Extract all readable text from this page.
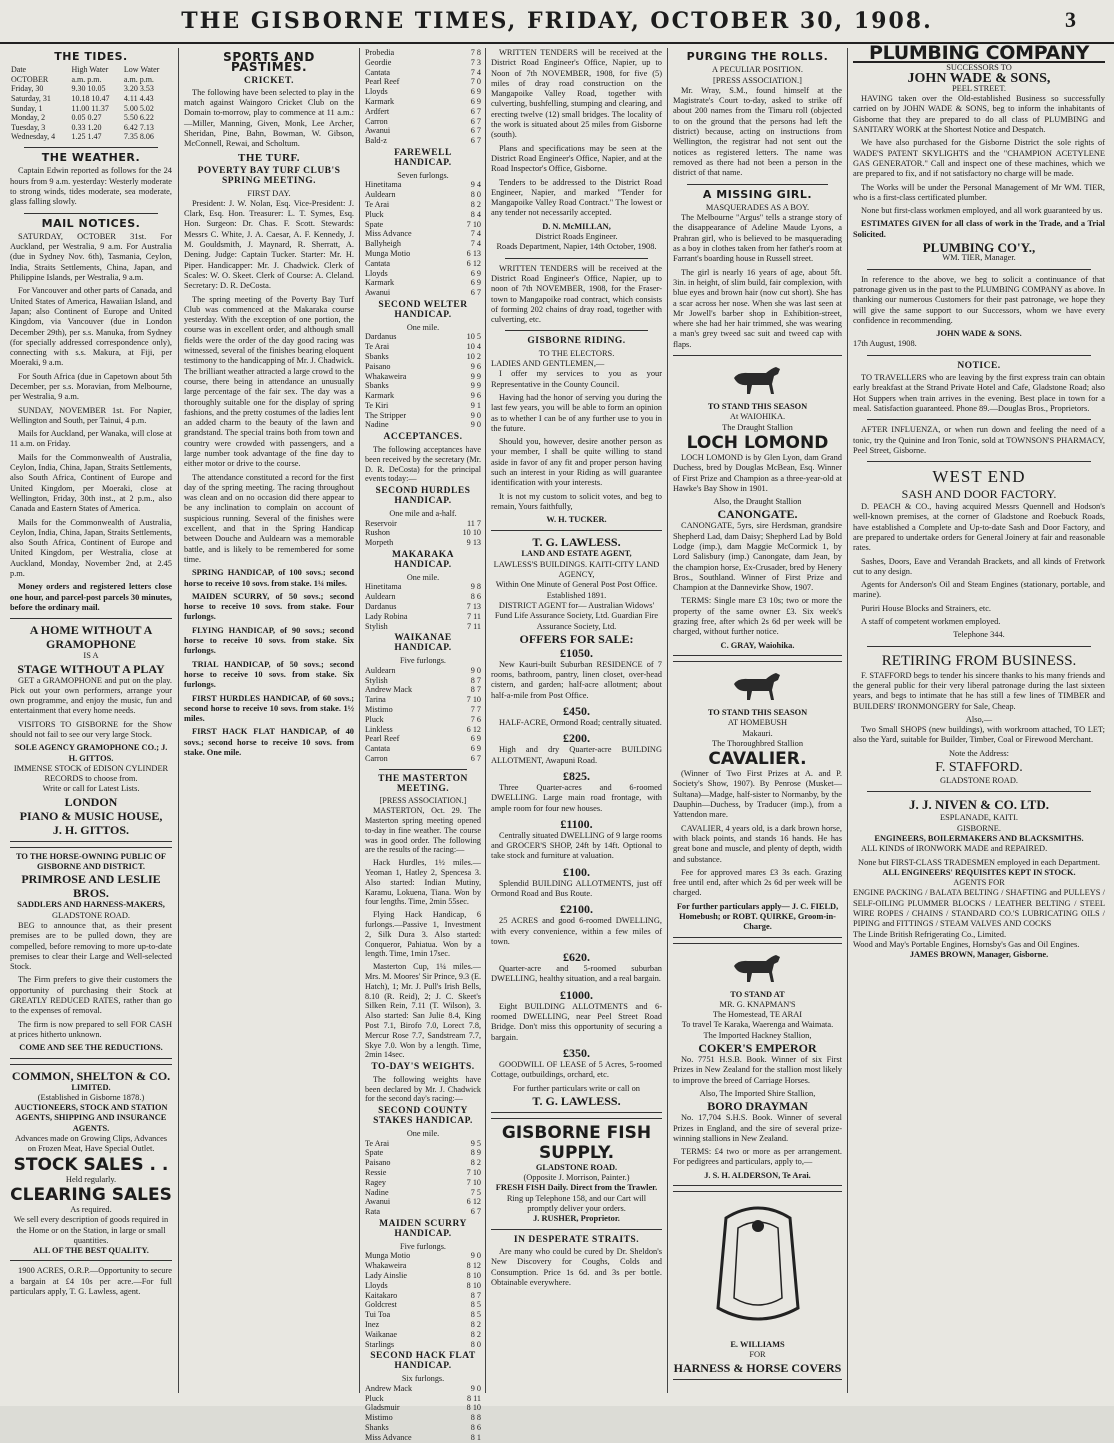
THE GISBORNE TIMES, FRIDAY, OCTOBER 30, 1908.	3
THE TIDES.
Date	High Water	Low Water
OCTOBER	a.m. p.m.	a.m. p.m.
Friday, 30	9.30 10.05	3.20 3.53
Saturday, 31	10.18 10.47	4.11 4.43
Sunday, 1	11.00 11.37	5.00 5.02
Monday, 2	0.05 0.27	5.50 6.22
Tuesday, 3	0.33 1.20	6.42 7.13
Wednesday, 4	1.25 1.47	7.35 8.06
THE WEATHER.

Captain Edwin reported as follows for the 24 hours from 9 a.m. yesterday: Westerly moderate to strong winds, tides moderate, sea moderate, glass falling slowly.

MAIL NOTICES.

SATURDAY, OCTOBER 31st. For Auckland, per Westralia, 9 a.m. For Australia (due in Sydney Nov. 6th), Tasmania, Ceylon, India, Straits Settlements, China, Japan, and Philippine Islands, per Westralia, 9 a.m.

For Vancouver and other parts of Canada, and United States of America, Hawaiian Island, and Japan; also Continent of Europe and United Kingdom, via Vancouver (due in London December 29th), per s.s. Manuka, from Sydney (for specially addressed correspondence only), connecting with s.s. Makura, at Fiji, per Moeraki, 9 a.m.

For South Africa (due in Capetown about 5th December, per s.s. Moravian, from Melbourne, per Westralia, 9 a.m.

SUNDAY, NOVEMBER 1st. For Napier, Wellington and South, per Tainui, 4 p.m.

Mails for Auckland, per Wanaka, will close at 11 a.m. on Friday.

Mails for the Commonwealth of Australia, Ceylon, India, China, Japan, Straits Settlements, also South Africa, Continent of Europe and United Kingdom, per Moeraki, close at Wellington, Friday, 30th inst., at 2 p.m., also Canada and Eastern States of America.

Mails for the Commonwealth of Australia, Ceylon, India, China, Japan, Straits Settlements, also South Africa, Continent of Europe and United Kingdom, per Westralia, close at Auckland, Monday, November 2nd, at 2.45 p.m.

Money orders and registered letters close one hour, and parcel-post parcels 30 minutes, before the ordinary mail.

A HOME WITHOUT A
GRAMOPHONE
IS A
STAGE WITHOUT A PLAY

GET a GRAMOPHONE and put on the play. Pick out your own performers, arrange your own programme, and enjoy the music, fun and entertainment that every home needs.

VISITORS TO GISBORNE for the Show should not fail to see our very large Stock.

SOLE AGENCY GRAMOPHONE CO.; J. H. GITTOS.
IMMENSE STOCK of EDISON CYLINDER RECORDS to choose from.
Write or call for Latest Lists.
LONDON
PIANO & MUSIC HOUSE,
J. H. GITTOS.
TO THE HORSE-OWNING PUBLIC OF GISBORNE AND DISTRICT.
PRIMROSE AND LESLIE BROS.
SADDLERS AND HARNESS-MAKERS,
GLADSTONE ROAD.

BEG to announce that, as their present premises are to be pulled down, they are compelled, before removing to more up-to-date premises to clear their Large and Well-selected Stock.

The Firm prefers to give their customers the opportunity of purchasing their Stock at GREATLY REDUCED RATES, rather than go to the expenses of removal.

The firm is now prepared to sell FOR CASH at prices hitherto unknown.

COME AND SEE THE REDUCTIONS.
COMMON, SHELTON & CO.
LIMITED.
(Established in Gisborne 1878.)
AUCTIONEERS, STOCK AND STATION AGENTS, SHIPPING AND INSURANCE AGENTS.
Advances made on Growing Clips, Advances on Frozen Meat, Have Special Outlet.
STOCK SALES . .
Held regularly.
CLEARING SALES
As required.
We sell every description of goods required in the Home or on the Station, in large or small quantities.
ALL OF THE BEST QUALITY.

1900 ACRES, O.R.P.—Opportunity to secure a bargain at £4 10s per acre.—For full particulars apply, T. G. Lawless, agent.

SPORTS AND PASTIMES.
CRICKET.

The following have been selected to play in the match against Waingoro Cricket Club on the Domain to-morrow, play to commence at 11 a.m.:—Miller, Manning, Given, Monk, Lee Archer, Sheridan, Pine, Bahn, Bowman, W. Gibson, McConnell, Rewai, and Scholtum.

THE TURF.
POVERTY BAY TURF CLUB'S SPRING MEETING.
FIRST DAY.

President: J. W. Nolan, Esq. Vice-President: J. Clark, Esq. Hon. Treasurer: L. T. Symes, Esq. Hon. Surgeon: Dr. Chas. F. Scott. Stewards: Messrs C. White, J. A. Caesar, A. F. Kennedy, J. M. Gouldsmith, J. Maynard, R. Sherratt, A. Dening. Judge: Captain Tucker. Starter: Mr. H. Piper. Handicapper: Mr. J. Chadwick. Clerk of Scales: W. O. Skeet. Clerk of Course: A. Cleland. Secretary: D. R. DeCosta.

The spring meeting of the Poverty Bay Turf Club was commenced at the Makaraka course yesterday. With the exception of one portion, the course was in excellent order, and although small fields were the order of the day good racing was witnessed, several of the finishes bearing eloquent testimony to the handicapping of Mr. J. Chadwick. The brilliant weather attracted a large crowd to the course, there being in attendance an unusually large percentage of the fair sex. The day was a thoroughly suitable one for the display of spring fashions, and the pretty costumes of the ladies lent an added charm to the beauty of the lawn and grandstand. The special trains both from town and country were crowded with passengers, and a large number took advantage of the fine day to either motor or drive to the course.

The attendance constituted a record for the first day of the spring meeting. The racing throughout was clean and on no occasion did there appear to be any inclination to complain on account of suspicious running. Several of the finishes were excellent, and that in the Spring Handicap between Douche and Auldearn was a memorable battle, and is likely to be remembered for some time.

SPRING HANDICAP, of 100 sovs.; second horse to receive 10 sovs. from stake. 1¼ miles.

MAIDEN SCURRY, of 50 sovs.; second horse to receive 10 sovs. from stake. Four furlongs.

FLYING HANDICAP, of 90 sovs.; second horse to receive 10 sovs. from stake. Six furlongs.

TRIAL HANDICAP, of 50 sovs.; second horse to receive 10 sovs. from stake. Six furlongs.

FIRST HURDLES HANDICAP, of 60 sovs.; second horse to receive 10 sovs. from stake. 1½ miles.

FIRST HACK FLAT HANDICAP, of 40 sovs.; second horse to receive 10 sovs. from stake. One mile.

Probedia	7 8
Geordie	7 3
Cantata	7 4
Pearl Reef	7 0
Lloyds	6 9
Karmark	6 9
Ardfert	6 7
Carron	6 7
Awanui	6 7
Bald-z	6 7
FAREWELL HANDICAP.
Seven furlongs.
Hinetitama	9 4
Auldearn	8 0
Te Arai	8 2
Pluck	8 4
Spate	7 10
Miss Advance	7 4
Ballyheigh	7 4
Munga Motio	6 13
Cantata	6 12
Lloyds	6 9
Karmark	6 9
Awanui	6 7
SECOND WELTER HANDICAP.
One mile.
Dardanus	10 5
Te Arai	10 4
Sbanks	10 2
Paisano	9 6
Whakaweira	9 9
Sbanks	9 9
Karmark	9 6
Te Kiri	9 1
The Stripper	9 0
Nadine	9 0
ACCEPTANCES.

The following acceptances have been received by the secretary (Mr. D. R. DeCosta) for the principal events today:—

SECOND HURDLES HANDICAP.
One mile and a-half.
Reservoir	11 7
Rushon	10 10
Morpeth	9 13
MAKARAKA HANDICAP.
One mile.
Hinetitama	9 8
Auldearn	8 6
Dardanus	7 13
Lady Robina	7 11
Stylish	7 11
WAIKANAE HANDICAP.
Five furlongs.
Auldearn	9 0
Stylish	8 7
Andrew Mack	8 7
Tarina	7 10
Mistimo	7 7
Pluck	7 6
Linkless	6 12
Pearl Reef	6 9
Cantata	6 9
Carron	6 7
THE MASTERTON MEETING.
[PRESS ASSOCIATION.]

MASTERTON, Oct. 29. The Masterton spring meeting opened to-day in fine weather. The course was in good order. The following are the results of the racing:—

Hack Hurdles, 1½ miles.—Yeoman 1, Hatley 2, Spencesa 3. Also started: Indian Mutiny, Karamu, Lokuena, Tiana. Won by four lengths. Time, 2min 55sec.

Flying Hack Handicap, 6 furlongs.—Passive 1, Investment 2, Silk Dura 3. Also started: Conqueror, Pahiatua. Won by a length. Time, 1min 17sec.

Masterton Cup, 1¼ miles.—Mrs. M. Moores' Sir Prince, 9.3 (E. Hatch), 1; Mr. J. Pull's Irish Bells, 8.10 (R. Reid), 2; J. C. Skeet's Silken Rein, 7.11 (T. Wilson), 3. Also started: San Julie 8.4, King Post 7.1, Birofo 7.0, Lorect 7.8, Mercur Rose 7.7, Sandstream 7.7, Skye 7.0. Won by a length. Time, 2min 14sec.

TO-DAY'S WEIGHTS.

The following weights have been declared by Mr. J. Chadwick for the second day's racing:—

SECOND COUNTY STAKES HANDICAP.
One mile.
Te Arai	9 5
Spate	8 9
Paisano	8 2
Ressie	7 10
Ragey	7 10
Nadine	7 5
Awanui	6 12
Rata	6 7
MAIDEN SCURRY HANDICAP.
Five furlongs.
Munga Motio	9 0
Whakaweira	8 12
Lady Ainslie	8 10
Lloyds	8 10
Kaitakaro	8 7
Goldcrest	8 5
Tui Toa	8 5
Inez	8 2
Waikanae	8 2
Starlings	8 0
SECOND HACK FLAT HANDICAP.
Six furlongs.
Andrew Mack	9 0
Pluck	8 11
Gladsmuir	8 10
Mistimo	8 8
Shanks	8 6
Miss Advance	8 1

WRITTEN TENDERS will be received at the District Road Engineer's Office, Napier, up to Noon of 7th NOVEMBER, 1908, for five (5) miles of dray road construction on the Mangapoike Valley Road, together with culverting, bushfelling, stumping and clearing, and erecting twelve (12) small bridges. The locality of the work is situated about 25 miles from Gisborne (south).

Plans and specifications may be seen at the District Road Engineer's Office, Napier, and at the Road Inspector's Office, Gisborne.

Tenders to be addressed to the District Road Engineer, Napier, and marked "Tender for Mangapoike Valley Road Contract." The lowest or any tender not necessarily accepted.

D. N. McMILLAN,
District Roads Engineer.
Roads Department, Napier, 14th October, 1908.

WRITTEN TENDERS will be received at the District Road Engineer's Office, Napier, up to noon of 7th NOVEMBER, 1908, for the Fraser-town to Mangapoike road contract, which consists of forming 202 chains of dray road, together with culverting, etc.

GISBORNE RIDING.
TO THE ELECTORS.
LADIES AND GENTLEMEN,—

I offer my services to you as your Representative in the County Council.

Having had the honor of serving you during the last few years, you will be able to form an opinion as to whether I can be of any further use to you in the future.

Should you, however, desire another person as your member, I shall be quite willing to stand aside in favor of any fit and proper person having such an interest in your Riding as will guarantee identification with your interests.

It is not my custom to solicit votes, and beg to remain, Yours faithfully,

W. H. TUCKER.
T. G. LAWLESS.
LAND AND ESTATE AGENT,
LAWLESS'S BUILDINGS. KAITI-CITY LAND AGENCY,
Within One Minute of General Post Post Office. Established 1891.
DISTRICT AGENT for— Australian Widows' Fund Life Assurance Society, Ltd. Guardian Fire Assurance Society, Ltd.
OFFERS FOR SALE:
£1050.

New Kauri-built Suburban RESIDENCE of 7 rooms, bathroom, pantry, linen closet, over-head cistern, and garden; half-acre allotment; about half-a-mile from Post Office.

£450.

HALF-ACRE, Ormond Road; centrally situated.

£200.

High and dry Quarter-acre BUILDING ALLOTMENT, Awapuni Road.

£825.

Three Quarter-acres and 6-roomed DWELLING. Large main road frontage, with ample room for four new houses.

£1100.

Centrally situated DWELLING of 9 large rooms and GROCER'S SHOP, 24ft by 14ft. Optional to take stock and furniture at valuation.

£100.

Splendid BUILDING ALLOTMENTS, just off Ormond Road and Bus Route.

£2100.

25 ACRES and good 6-roomed DWELLING, with every convenience, within a few miles of town.

£620.

Quarter-acre and 5-roomed suburban DWELLING, healthy situation, and a real bargain.

£1000.

Eight BUILDING ALLOTMENTS and 6-roomed DWELLING, near Peel Street Road Bridge. Don't miss this opportunity of securing a bargain.

£350.

GOODWILL OF LEASE of 5 Acres, 5-roomed Cottage, outbuildings, orchard, etc.

For further particulars write or call on
T. G. LAWLESS.
GISBORNE FISH SUPPLY.
GLADSTONE ROAD.
(Opposite J. Morrison, Painter.)
FRESH FISH Daily. Direct from the Trawler.
Ring up Telephone 158, and our Cart will promptly deliver your orders.
J. RUSHER, Proprietor.
IN DESPERATE STRAITS.

Are many who could be cured by Dr. Sheldon's New Discovery for Coughs, Colds and Consumption. Price 1s 6d. and 3s per bottle. Obtainable everywhere.

PURGING THE ROLLS.
A PECULIAR POSITION.
[PRESS ASSOCIATION.]

Mr. Wray, S.M., found himself at the Magistrate's Court to-day, asked to strike off about 200 names from the Timaru roll (objected to on the ground that the persons had left the district) because, acting on instructions from Wellington, the registrar had not sent out the notices as registered letters. The name was removed as there had not been a person in the district of that name.

A MISSING GIRL.
MASQUERADES AS A BOY.

The Melbourne "Argus" tells a strange story of the disappearance of Adeline Maude Lyons, a Prahran girl, who is believed to be masquerading as a boy in clothes taken from her father's room at Farrant's boarding house in Russell street.

The girl is nearly 16 years of age, about 5ft. 3in. in height, of slim build, fair complexion, with blue eyes and brown hair (now cut short). She has a scar across her nose. When she was last seen at Mr Jowell's barber shop in Exhibition-street, where she had her hair trimmed, she was wearing a man's grey tweed sac suit and tweed cap with flaps.

TO STAND THIS SEASON
At WAIOHIKA.
The Draught Stallion
LOCH LOMOND

LOCH LOMOND is by Glen Lyon, dam Grand Duchess, bred by Douglas McBean, Esq. Winner of First Prize and Champion as a three-year-old at Hawke's Bay Show in 1901.

Also, the Draught Stallion
CANONGATE.

CANONGATE, 5yrs, sire Herdsman, grandsire Shepherd Lad, dam Daisy; Shepherd Lad by Bold Lodge (imp.), dam Maggie McCormick 1, by Lord Salisbury (imp.) Canongate, dam Jean, by the champion horse, Ex-Crusader, bred by Henery Bros., Southland. Winner of First Prize and Champion at the Dannevirke Show, 1907.

TERMS: Single mare £3 10s; two or more the property of the same owner £3. Six week's grazing free, after which 2s 6d per week will be charged, without further notice.

C. GRAY, Waiohika.
TO STAND THIS SEASON
AT HOMEBUSH
Makauri.
The Thoroughbred Stallion
CAVALIER.

(Winner of Two First Prizes at A. and P. Society's Show, 1907). By Penrose (Musket—Sultana)—Madge, half-sister to Normanby, by the Dauphin—Duchess, by Traducer (imp.), from a Yattendon mare.

CAVALIER, 4 years old, is a dark brown horse, with black points, and stands 16 hands. He has great bone and muscle, and plenty of depth, width and substance.

Fee for approved mares £3 3s each. Grazing free until end, after which 2s 6d per week will be charged.

For further particulars apply— J. C. FIELD, Homebush; or ROBT. QUIRKE, Groom-in-Charge.
TO STAND AT
MR. G. KNAPMAN'S
The Homestead, TE ARAI
To travel Te Karaka, Waerenga and Waimata.
The Imported Hackney Stallion,
COKER'S EMPEROR

No. 7751 H.S.B. Book. Winner of six First Prizes in New Zealand for the stallion most likely to improve the breed of Carriage Horses.

Also, The Imported Shire Stallion,
BORO DRAYMAN

No. 17,704 S.H.S. Book. Winner of several Prizes in England, and the sire of several prize-winning stallions in New Zealand.

TERMS: £4 two or more as per arrangement. For pedigrees and particulars, apply to,—

J. S. H. ALDERSON, Te Arai.
E. WILLIAMS
FOR
HARNESS & HORSE COVERS
PLUMBING COMPANY
SUCCESSORS TO
JOHN WADE & SONS,
PEEL STREET.

HAVING taken over the Old-established Business so successfully carried on by JOHN WADE & SONS, beg to inform the inhabitants of Gisborne that they are prepared to do all class of PLUMBING and SANITARY WORK at the Shortest Notice and Despatch.

We have also purchased for the Gisborne District the sole rights of WADE'S PATENT SKYLIGHTS and the "CHAMPION ACETYLENE GAS GENERATOR." Call and inspect one of these machines, which we are prepared to fix, and if not satisfactory no charge will be made.

The Works will be under the Personal Management of Mr WM. TIER, who is a first-class certificated plumber.

None but first-class workmen employed, and all work guaranteed by us.

ESTIMATES GIVEN for all class of work in the Trade, and a Trial Solicited.

PLUMBING CO'Y.,
WM. TIER, Manager.

In reference to the above, we beg to solicit a continuance of that patronage given us in the past to the PLUMBING COMPANY as above. In thanking our numerous Customers for their past patronage, we hope they will give the same support to our Successors, whom we have every confidence in recommending.

JOHN WADE & SONS.
17th August, 1908.
NOTICE.

TO TRAVELLERS who are leaving by the first express train can obtain early breakfast at the Strand Private Hotel and Cafe, Gladstone Road; also Hot Suppers when train arrives in the evening. Best place in town for a meal. Satisfaction guaranteed. Phone 89.—Douglas Bros., Proprietors.

AFTER INFLUENZA, or when run down and feeling the need of a tonic, try the Quinine and Iron Tonic, sold at TOWNSON'S PHARMACY, Peel Street, Gisborne.

WEST END
SASH AND DOOR FACTORY.

D. PEACH & CO., having acquired Messrs Quennell and Hodson's well-known premises, at the corner of Gladstone and Roebuck Roads, have established a Complete and Up-to-date Sash and Door Factory, and are prepared to undertake orders for General Joinery at fair and reasonable rates.

Sashes, Doors, Eave and Verandah Brackets, and all kinds of Fretwork cut to any design.

Agents for Anderson's Oil and Steam Engines (stationary, portable, and marine).

Puriri House Blocks and Strainers, etc.

A staff of competent workmen employed.

Telephone 344.
RETIRING FROM BUSINESS.

F. STAFFORD begs to tender his sincere thanks to his many friends and the general public for their very liberal patronage during the last sixteen years, and begs to intimate that he has still a few lines of TIMBER and BUILDERS' IRONMONGERY for Sale, Cheap.

Also,—

Two Small SHOPS (new buildings), with workroom attached, TO LET; also the Yard, suitable for Builder, Timber, Coal or Firewood Merchant.

Note the Address:
F. STAFFORD.
GLADSTONE ROAD.
J. J. NIVEN & CO. LTD.
ESPLANADE, KAITI.
GISBORNE.
ENGINEERS, BOILERMAKERS AND BLACKSMITHS.

ALL KINDS of IRONWORK MADE and REPAIRED.

None but FIRST-CLASS TRADESMEN employed in each Department.
ALL ENGINEERS' REQUISITES KEPT IN STOCK.
AGENTS FOR
ENGINE PACKING / BALATA BELTING / SHAFTING and PULLEYS / SELF-OILING PLUMMER BLOCKS / LEATHER BELTING / STEEL WIRE ROPES / CHAINS / STANDARD CO.'S LUBRICATING OILS / PIPING and FITTINGS / STEAM VALVES AND COCKS
The Linde British Refrigerating Co., Limited.
Wood and May's Portable Engines, Hornsby's Gas and Oil Engines.
JAMES BROWN, Manager, Gisborne.
